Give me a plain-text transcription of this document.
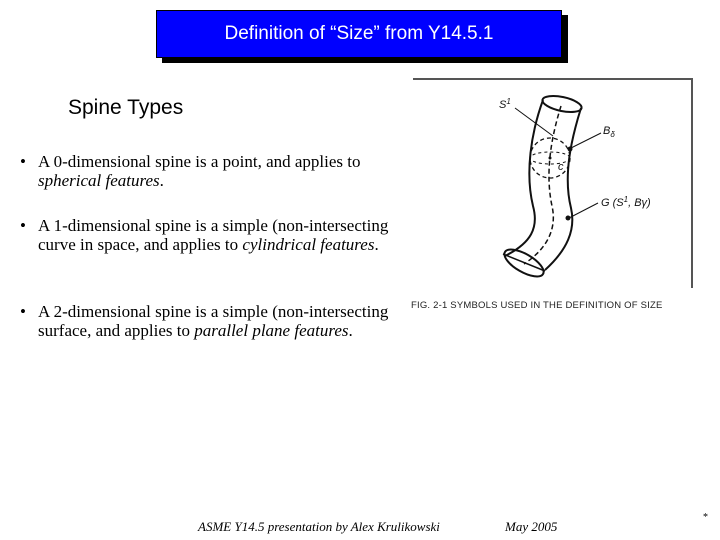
Definition of “Size” from Y14.5.1
Spine Types
• A 0-dimensional spine is a point, and applies to spherical features.
• A 1-dimensional spine is a simple (non-intersecting curve in space, and applies to cylindrical features.
• A 2-dimensional spine is a simple (non-intersecting surface, and applies to parallel plane features.
$S^1$
$B_\delta$
c
G ($S^1$, Bγ)
FIG. 2-1 SYMBOLS USED IN THE DEFINITION OF SIZE
ASME Y14.5 presentation by Alex Krulikowski	May 2005
*
